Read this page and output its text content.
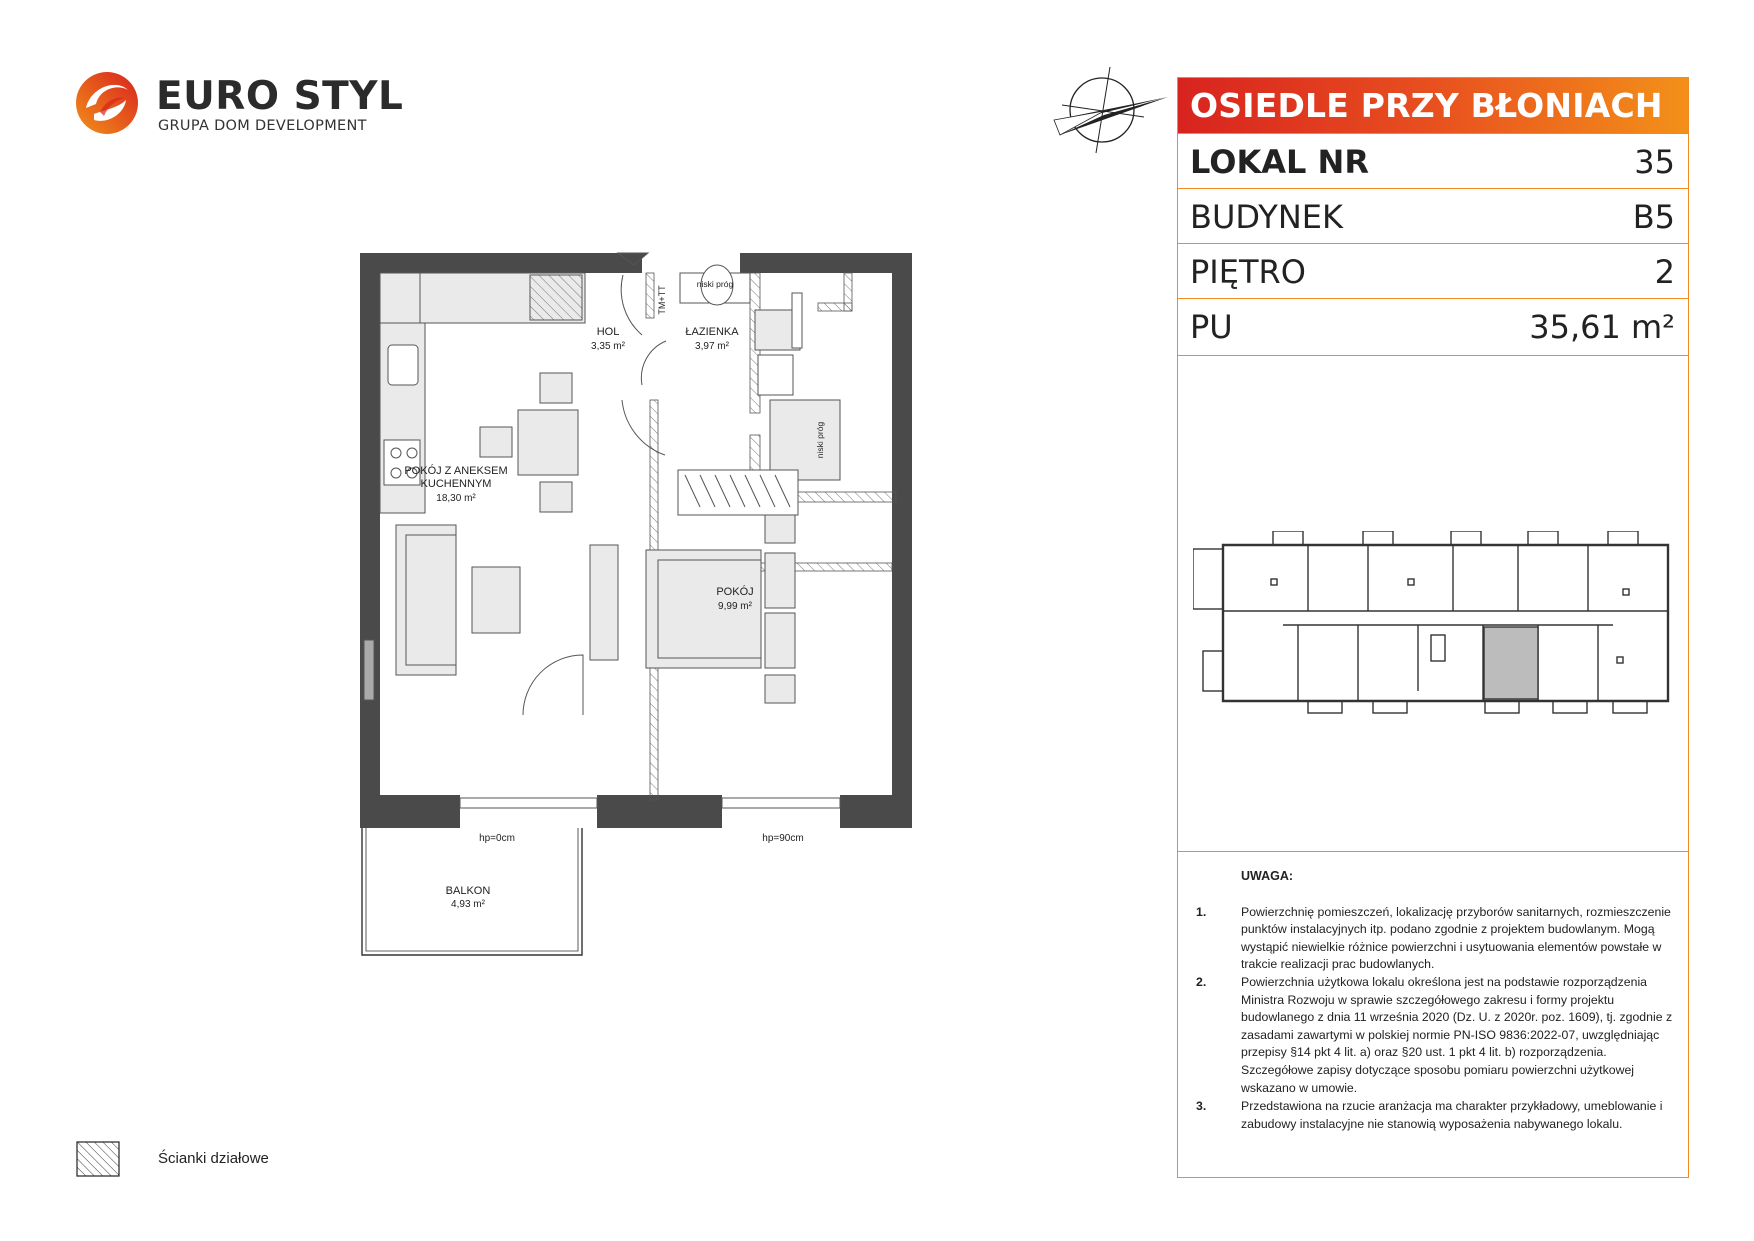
EURO STYL
GRUPA DOM DEVELOPMENT
OSIEDLE PRZY BŁONIACH
LOKAL NR	35
BUDYNEK	B5
PIĘTRO	2
PU	35,61 m²
UWAGA:
1.	Powierzchnię pomieszczeń, lokalizację przyborów sanitarnych, rozmieszczenie punktów instalacyjnych itp. podano zgodnie z projektem budowlanym. Mogą wystąpić niewielkie różnice powierzchni i usytuowania elementów powstałe w trakcie realizacji prac budowlanych.
2.	Powierzchnia użytkowa lokalu określona jest na podstawie rozporządzenia Ministra Rozwoju w sprawie szczegółowego zakresu i formy projektu budowlanego z dnia 11 września 2020 (Dz. U. z 2020r. poz. 1609), tj. zgodnie z zasadami zawartymi w polskiej normie PN-ISO 9836:2022-07, uwzględniając przepisy §14 pkt 4 lit. a) oraz §20 ust. 1 pkt 4 lit. b) rozporządzenia. Szczegółowe zapisy dotyczące sposobu pomiaru powierzchni użytkowej wskazano w umowie.
3.	Przedstawiona na rzucie aranżacja ma charakter przykładowy, umeblowanie i zabudowy instalacyjne nie stanowią wyposażenia nabywanego lokalu.
Ścianki działowe
HOL
3,35 m²
ŁAZIENKA
3,97 m²
POKÓJ Z ANEKSEM
KUCHENNYM
18,30 m²
POKÓJ
9,99 m²
BALKON
4,93 m²
niski próg
niski próg
TM+TT
hp=0cm	hp=90cm
